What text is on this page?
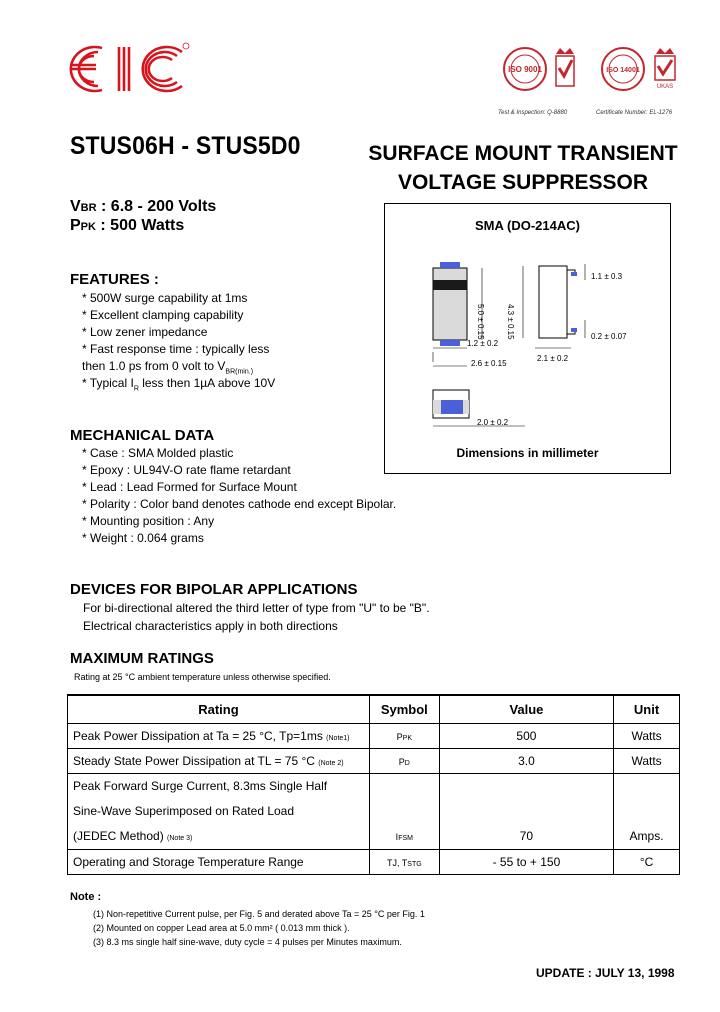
ISO 9001	ISO 14001
UKAS
Test & Inspection: Q-8880	Certificate Number: EL-1276
STUS06H - STUS5D0	SURFACE MOUNT TRANSIENT
VOLTAGE SUPPRESSOR
VBR : 6.8 - 200 Volts
PPK : 500 Watts	SMA (DO-214AC)
1.1 ± 0.3
5.0 ± 0.15	4.3 ± 0.15	0.2 ± 0.07
1.2 ± 0.2
2.6 ± 0.15
2.1 ± 0.2
2.0 ± 0.2
Dimensions in millimeter
FEATURES :
* 500W surge capability at 1ms
* Excellent clamping capability
* Low zener impedance
* Fast response time : typically less
then 1.0 ps from 0 volt to $V_{BR(min.)}$
* Typical $I_R$ less then 1µA above 10V
MECHANICAL DATA
* Case : SMA Molded plastic
* Epoxy : UL94V-O rate flame retardant
* Lead : Lead Formed for Surface Mount
* Polarity : Color band denotes cathode end except Bipolar.
* Mounting position : Any
* Weight : 0.064 grams
DEVICES FOR BIPOLAR APPLICATIONS
For bi-directional altered the third letter of type from "U" to be "B".
Electrical characteristics apply in both directions
MAXIMUM RATINGS
Rating at 25 °C ambient temperature unless otherwise specified.
Rating	Symbol	Value	Unit
Peak Power Dissipation at Ta = 25 °C, Tp=1ms (Note1)	PPK	500	Watts
Steady State Power Dissipation at TL = 75 °C (Note 2)	PD	3.0	Watts

Peak Forward Surge Current, 8.3ms Single Half
Sine-Wave Superimposed on Rated Load
(JEDEC Method) (Note 3)	IFSM	70	Amps.

Operating and Storage Temperature Range	TJ, TSTG	- 55 to + 150	°C
Note :
(1) Non-repetitive Current pulse, per Fig. 5 and derated above Ta = 25 °C per Fig. 1
(2) Mounted on copper Lead area at 5.0 mm² ( 0.013 mm thick ).
(3) 8.3 ms single half sine-wave, duty cycle = 4 pulses per Minutes maximum.
UPDATE : JULY 13, 1998
